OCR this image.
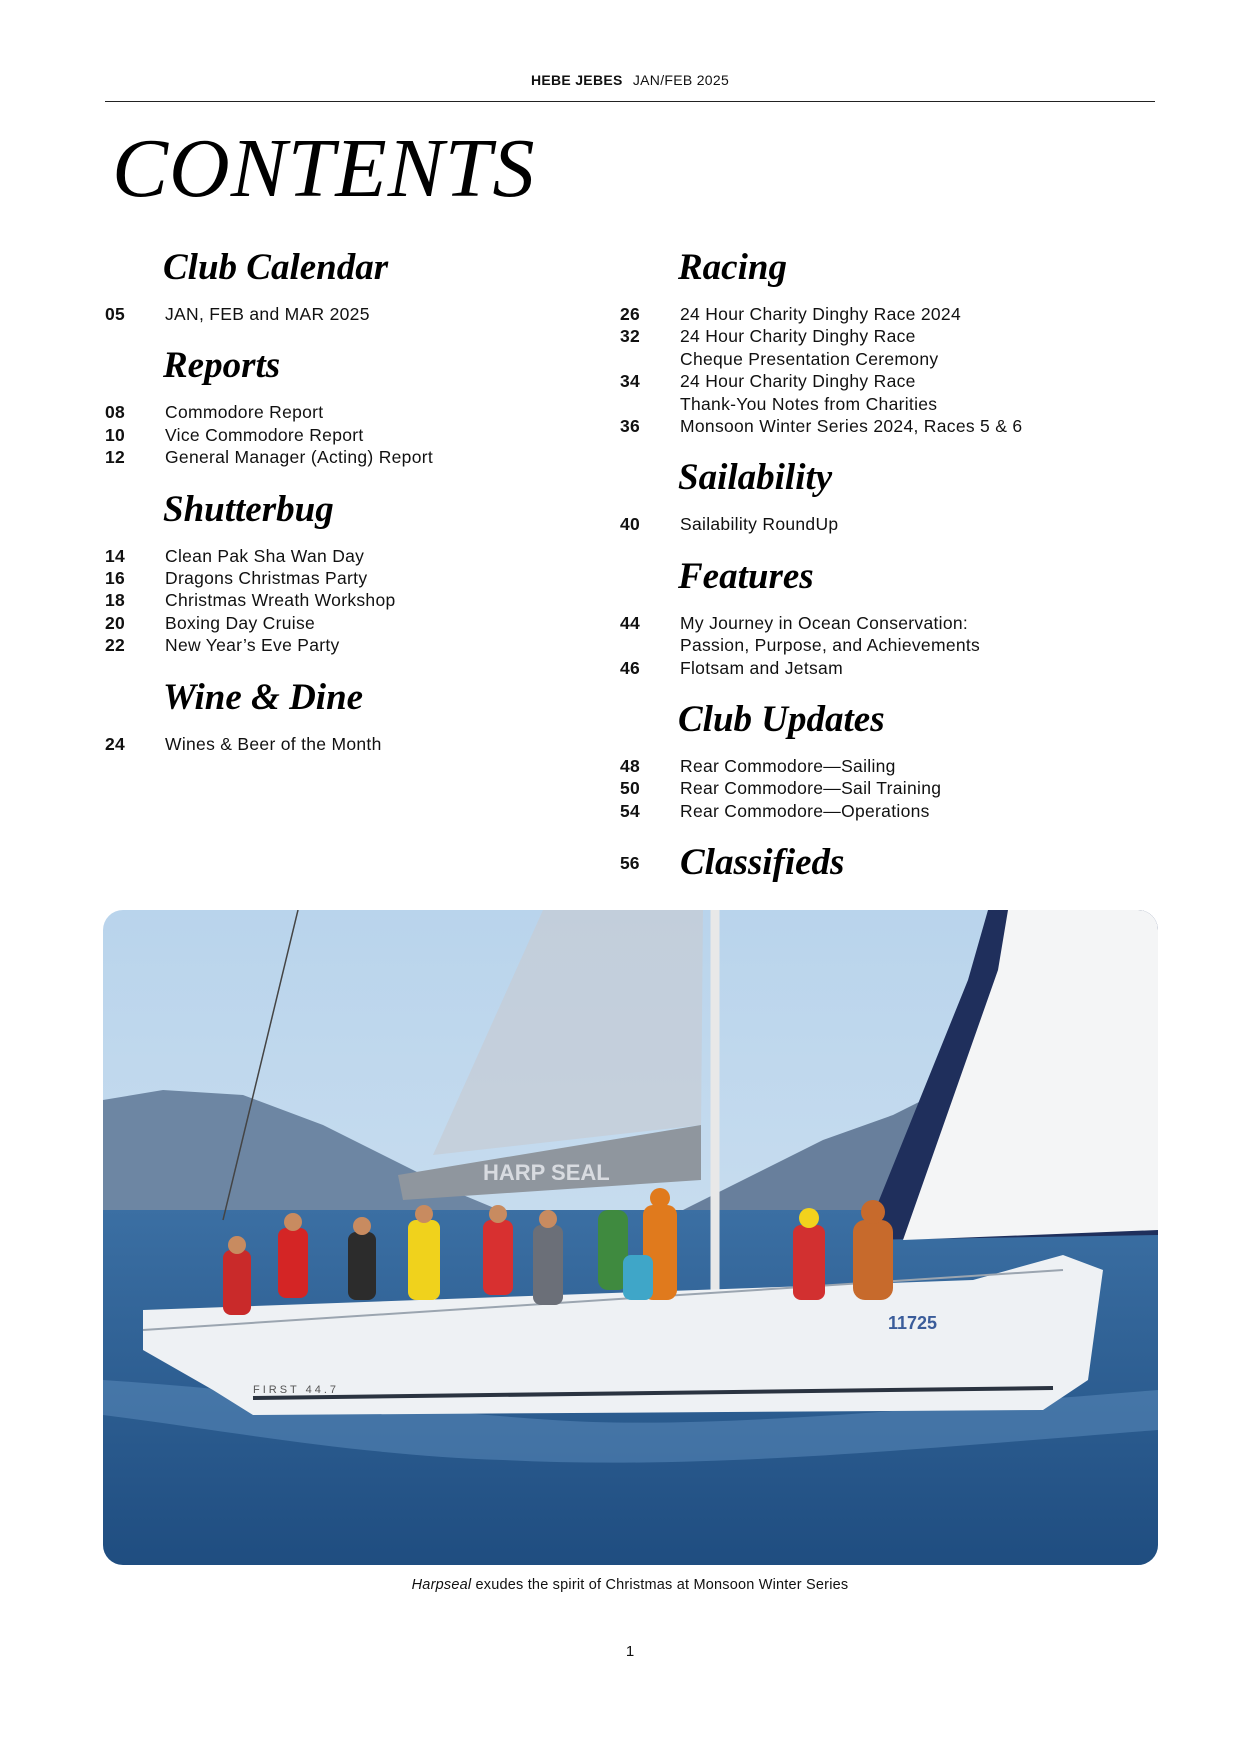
HEBE JEBES JAN/FEB 2025
CONTENTS
Club Calendar
05	JAN, FEB and MAR 2025
Reports
08	Commodore Report
10	Vice Commodore Report
12	General Manager (Acting) Report
Shutterbug
14	Clean Pak Sha Wan Day
16	Dragons Christmas Party
18	Christmas Wreath Workshop
20	Boxing Day Cruise
22	New Year’s Eve Party
Wine & Dine
24	Wines & Beer of the Month
Racing
26	24 Hour Charity Dinghy Race 2024
32	24 Hour Charity Dinghy Race
Cheque Presentation Ceremony
34	24 Hour Charity Dinghy Race
Thank-You Notes from Charities
36	Monsoon Winter Series 2024, Races 5 & 6
Sailability
40	Sailability RoundUp
Features
44	My Journey in Ocean Conservation:
Passion, Purpose, and Achievements
46	Flotsam and Jetsam
Club Updates
48	Rear Commodore—Sailing
50	Rear Commodore—Sail Training
54	Rear Commodore—Operations
56	Classifieds
HARP SEAL
11725
FIRST 44.7
Harpseal exudes the spirit of Christmas at Monsoon Winter Series
1
